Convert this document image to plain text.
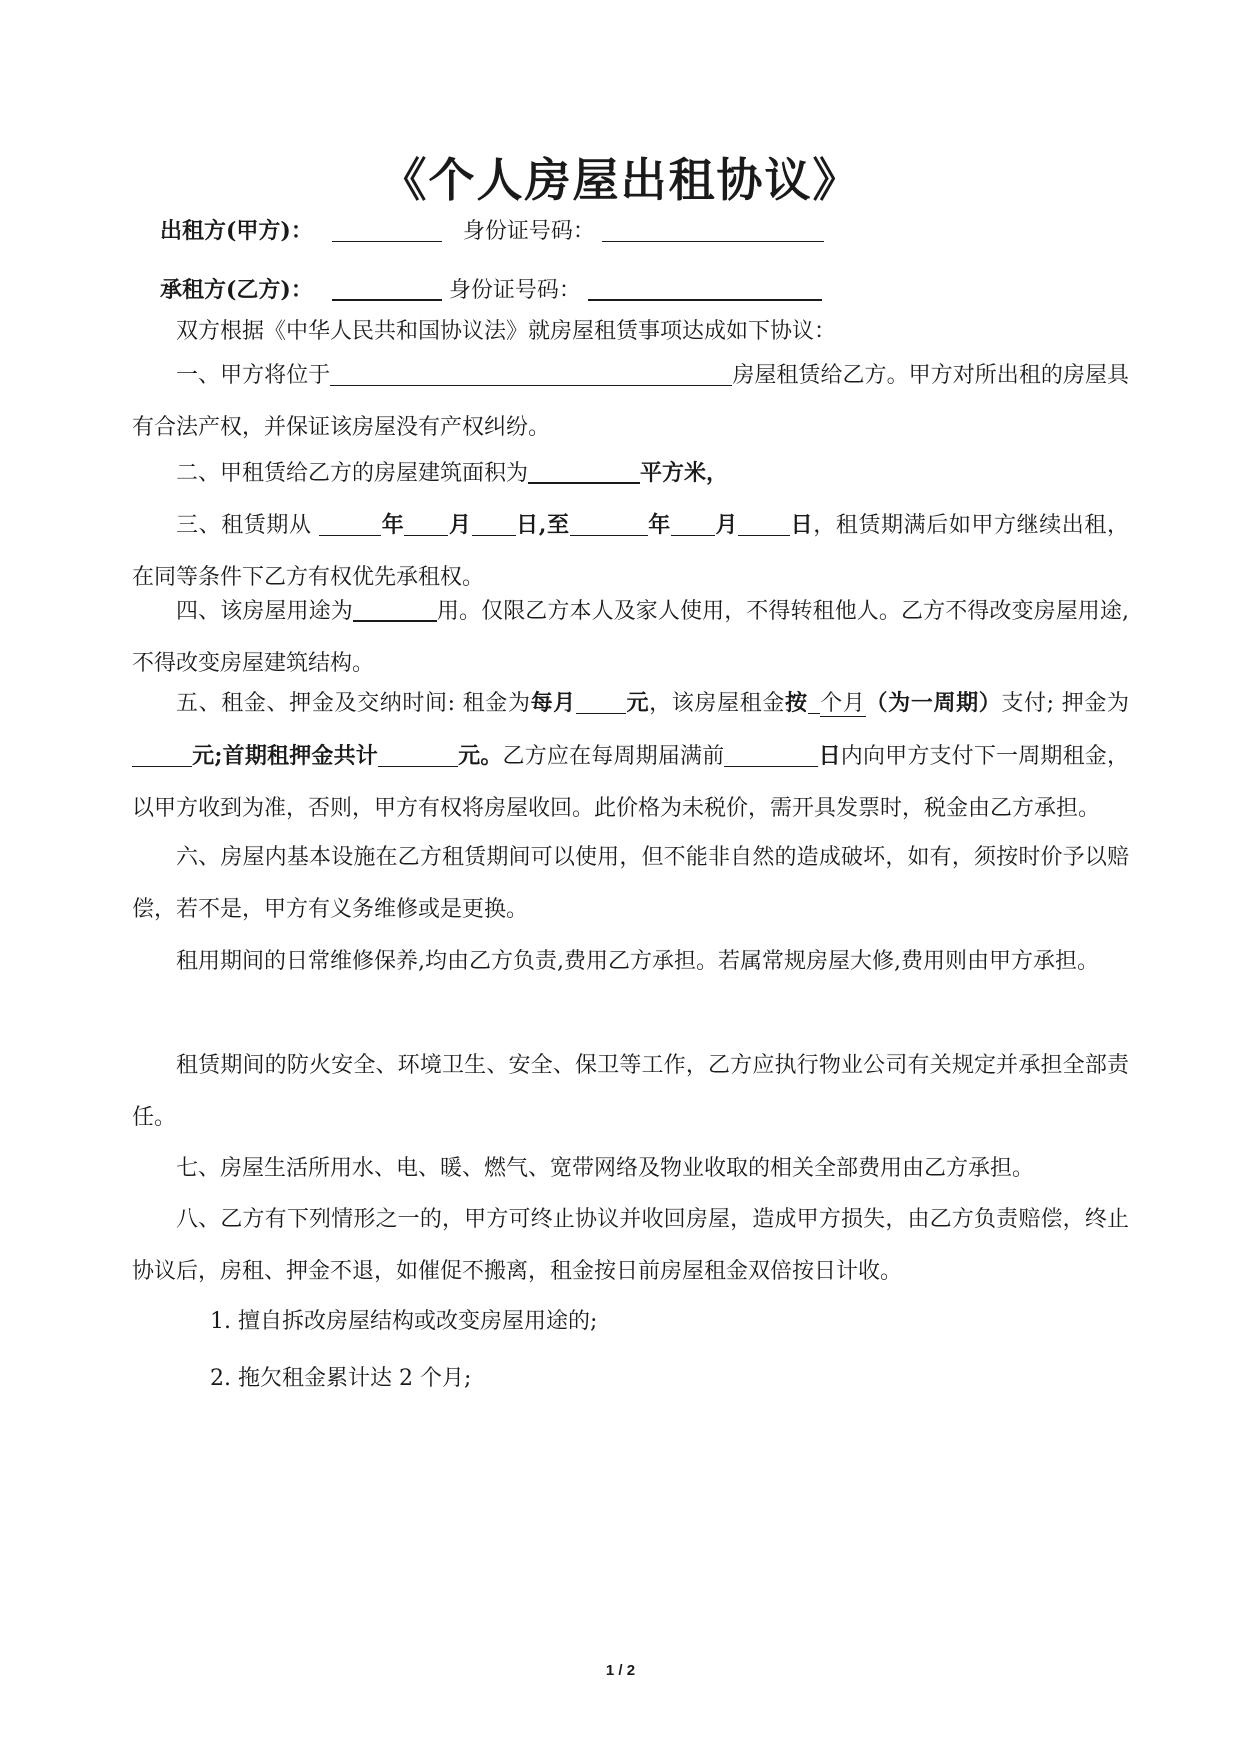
《个人房屋出租协议》
出租方(甲方)：	身份证号码：
承租方(乙方)：	身份证号码：
双方根据《中华人民共和国协议法》就房屋租赁事项达成如下协议：
一、甲方将位于	房屋租赁给乙方。甲方对所出租的房屋具有合法产权，并保证该房屋没有产权纠纷。
二、甲租赁给乙方的房屋建筑面积为	平方米，
三、租赁期从	年 月 日,至	年 月 日，租赁期满后如甲方继续出租，在同等条件下乙方有权优先承租权。
四、该房屋用途为	用。仅限乙方本人及家人使用，不得转租他人。乙方不得改变房屋用途,不得改变房屋建筑结构。
五、租金、押金及交纳时间: 租金为每月 元，该房屋租金按 个月（为一周期）支付; 押金为元;首期租押金共计	元。乙方应在每周期届满前	日内向甲方支付下一周期租金，以甲方收到为准，否则，甲方有权将房屋收回。此价格为未税价，需开具发票时，税金由乙方承担。
六、房屋内基本设施在乙方租赁期间可以使用，但不能非自然的造成破坏，如有，须按时价予以赔偿，若不是，甲方有义务维修或是更换。
租用期间的日常维修保养,均由乙方负责,费用乙方承担。若属常规房屋大修,费用则由甲方承担。
租赁期间的防火安全、环境卫生、安全、保卫等工作，乙方应执行物业公司有关规定并承担全部责任。
七、房屋生活所用水、电、暖、燃气、宽带网络及物业收取的相关全部费用由乙方承担。
八、乙方有下列情形之一的，甲方可终止协议并收回房屋，造成甲方损失，由乙方负责赔偿，终止协议后，房租、押金不退，如催促不搬离，租金按日前房屋租金双倍按日计收。
1. 擅自拆改房屋结构或改变房屋用途的;
2. 拖欠租金累计达 2 个月;
1 / 2
